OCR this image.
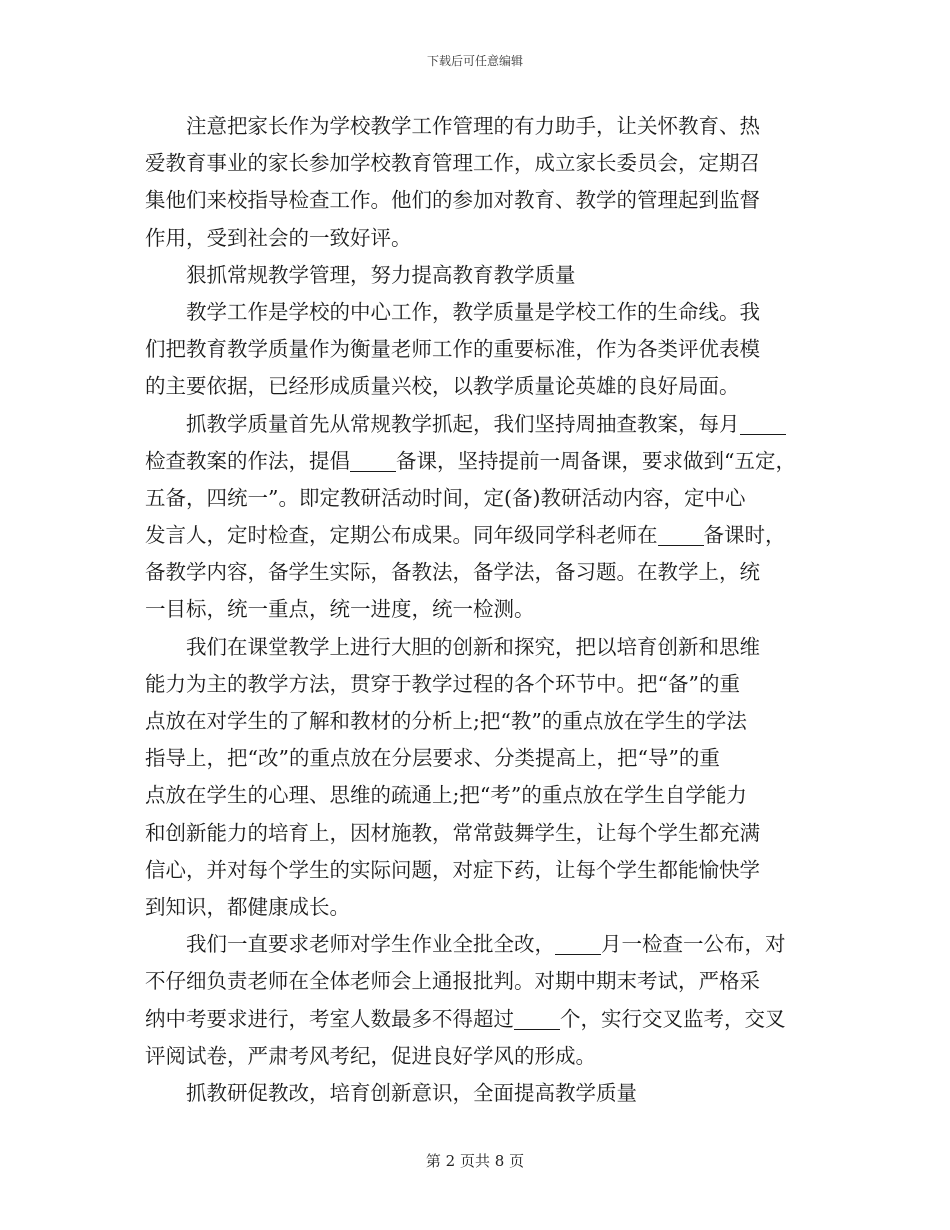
下载后可任意编辑
注意把家长作为学校教学工作管理的有力助手，让关怀教育、热
爱教育事业的家长参加学校教育管理工作，成立家长委员会，定期召
集他们来校指导检查工作。他们的参加对教育、教学的管理起到监督
作用，受到社会的一致好评。
狠抓常规教学管理，努力提高教育教学质量
教学工作是学校的中心工作，教学质量是学校工作的生命线。我
们把教育教学质量作为衡量老师工作的重要标准，作为各类评优表模
的主要依据，已经形成质量兴校，以教学质量论英雄的良好局面。
抓教学质量首先从常规教学抓起，我们坚持周抽查教案，每月
检查教案的作法，提倡 备课，坚持提前一周备课，要求做到“五定，
五备，四统一”。即定教研活动时间，定(备)教研活动内容，定中心
发言人，定时检查，定期公布成果。同年级同学科老师在 备课时，
备教学内容，备学生实际，备教法，备学法，备习题。在教学上，统
一目标，统一重点，统一进度，统一检测。
我们在课堂教学上进行大胆的创新和探究，把以培育创新和思维
能力为主的教学方法，贯穿于教学过程的各个环节中。把“备”的重
点放在对学生的了解和教材的分析上;把“教”的重点放在学生的学法
指导上，把“改”的重点放在分层要求、分类提高上，把“导”的重
点放在学生的心理、思维的疏通上;把“考”的重点放在学生自学能力
和创新能力的培育上，因材施教，常常鼓舞学生，让每个学生都充满
信心，并对每个学生的实际问题，对症下药，让每个学生都能愉快学
到知识，都健康成长。
我们一直要求老师对学生作业全批全改， 月一检查一公布，对
不仔细负责老师在全体老师会上通报批判。对期中期末考试，严格采
纳中考要求进行，考室人数最多不得超过 个，实行交叉监考，交叉
评阅试卷，严肃考风考纪，促进良好学风的形成。
抓教研促教改，培育创新意识，全面提高教学质量
第 2 页共 8 页
